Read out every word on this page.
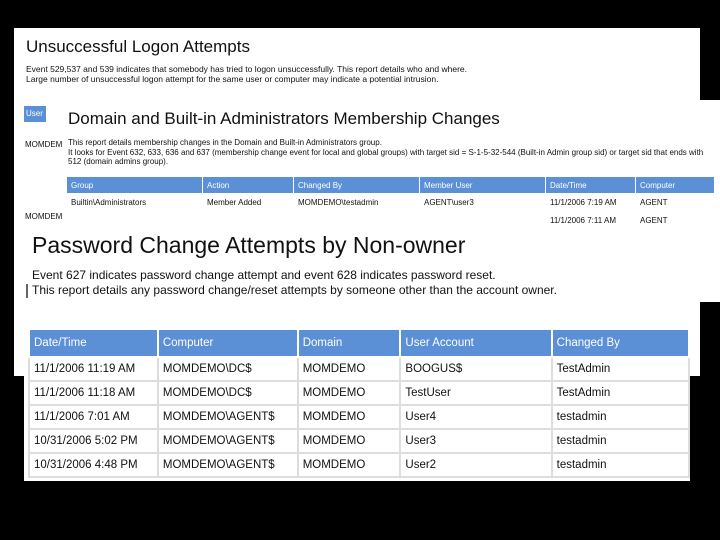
Unsuccessful Logon Attempts
Event 529,537 and 539 indicates that somebody has tried to logon unsuccessfully. This report details who and where.
Large number of unsuccessful logon attempt for the same user or computer may indicate a potential intrusion.
User
MOMDEM
MOMDEM
Domain and Built-in Administrators Membership Changes
This report details membership changes in the Domain and Built-in Administrators group.
It looks for Event 632, 633, 636 and 637 (membership change event for local and global groups) with target sid = S-1-5-32-544 (Built-in Admin group sid) or target sid that ends with
512 (domain admins group).
Group	Action	Changed By	Member User	Date/Time	Computer
Builtin\Administrators	Member Added	MOMDEMO\testadmin	AGENT\user3	11/1/2006 7:19 AM	AGENT
				11/1/2006 7:11 AM	AGENT
Password Change Attempts by Non-owner
Event 627 indicates password change attempt and event 628 indicates password reset.
This report details any password change/reset attempts by someone other than the account owner.
Date/Time	Computer	Domain	User Account	Changed By
11/1/2006 11:19 AM	MOMDEMO\DC$	MOMDEMO	BOOGUS$	TestAdmin
11/1/2006 11:18 AM	MOMDEMO\DC$	MOMDEMO	TestUser	TestAdmin
11/1/2006 7:01 AM	MOMDEMO\AGENT$	MOMDEMO	User4	testadmin
10/31/2006 5:02 PM	MOMDEMO\AGENT$	MOMDEMO	User3	testadmin
10/31/2006 4:48 PM	MOMDEMO\AGENT$	MOMDEMO	User2	testadmin
